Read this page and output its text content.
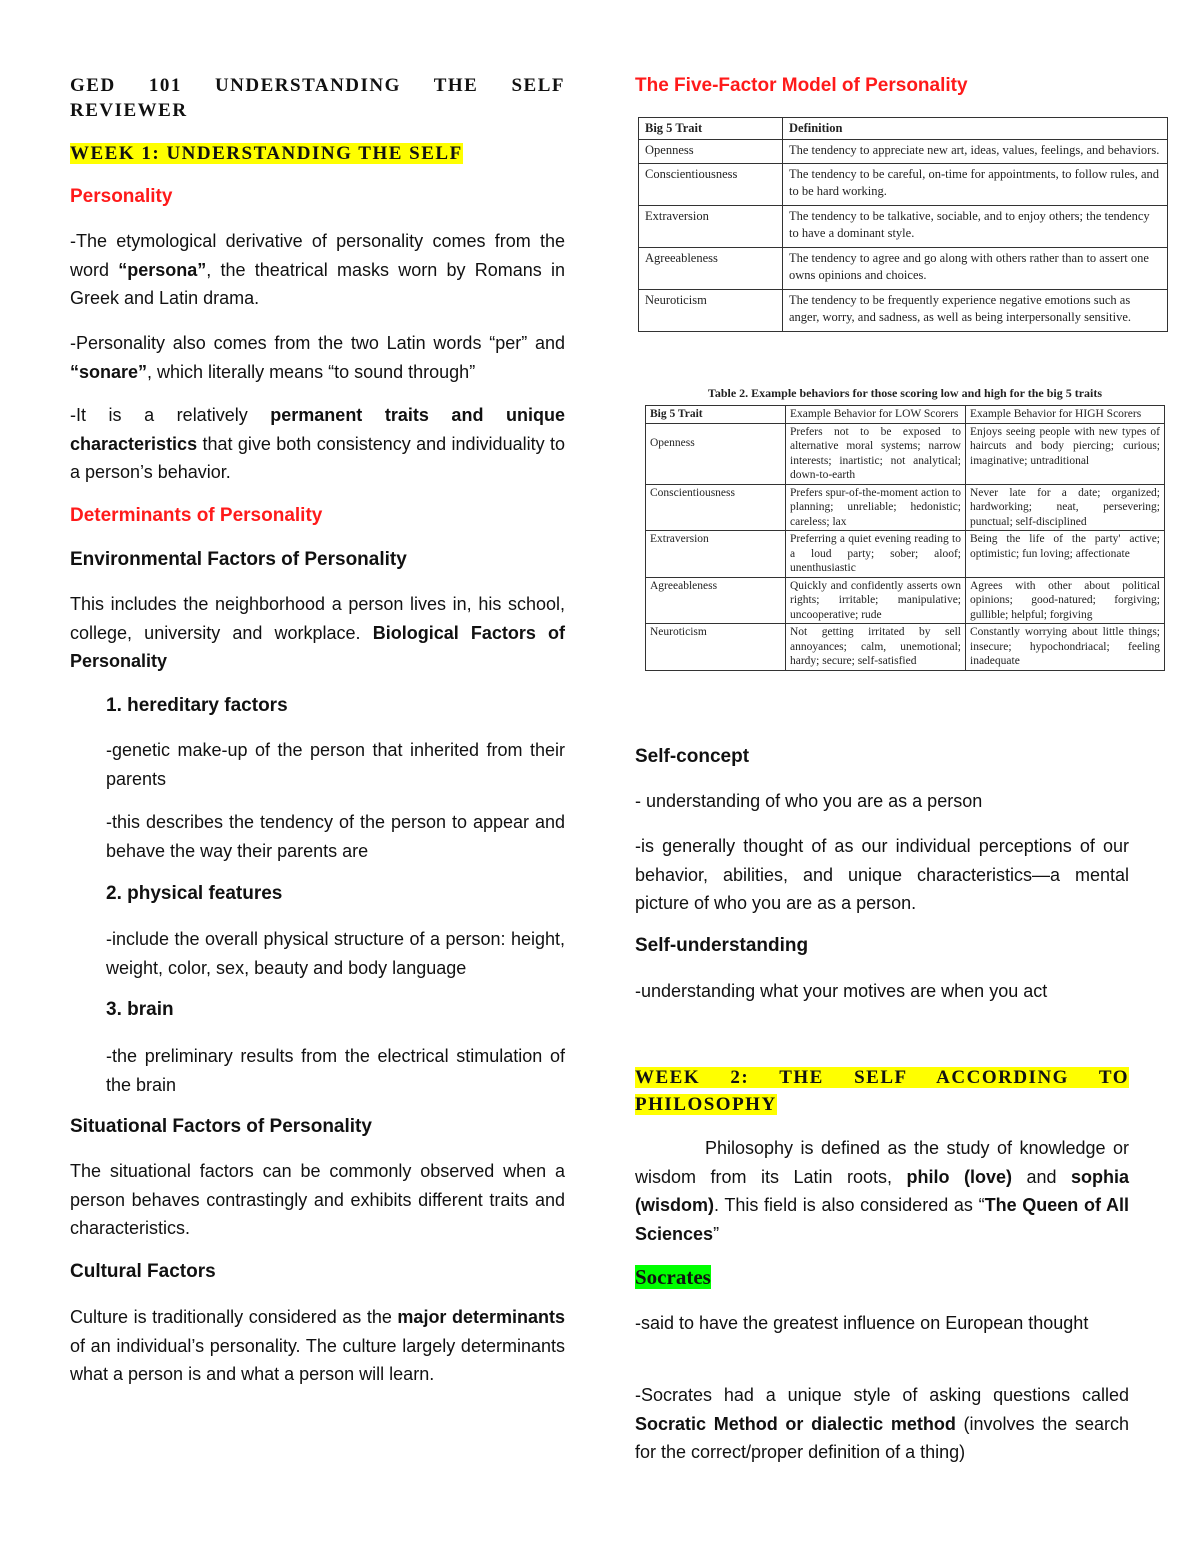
GED 101 UNDERSTANDING THE SELF

REVIEWER

WEEK 1: UNDERSTANDING THE SELF

Personality

-The etymological derivative of personality comes from the word “persona”, the theatrical masks worn by Romans in Greek and Latin drama.

-Personality also comes from the two Latin words “per” and “sonare”, which literally means “to sound through”

-It is a relatively permanent traits and unique characteristics that give both consistency and individuality to a person’s behavior.

Determinants of Personality

Environmental Factors of Personality

This includes the neighborhood a person lives in, his school, college, university and workplace. Biological Factors of Personality

1. hereditary factors

-genetic make-up of the person that inherited from their parents

-this describes the tendency of the person to appear and behave the way their parents are

2. physical features

-include the overall physical structure of a person: height, weight, color, sex, beauty and body language

3. brain

-the preliminary results from the electrical stimulation of the brain

Situational Factors of Personality

The situational factors can be commonly observed when a person behaves contrastingly and exhibits different traits and characteristics.

Cultural Factors

Culture is traditionally considered as the major determinants of an individual’s personality. The culture largely determinants what a person is and what a person will learn.

The Five-Factor Model of Personality

Big 5 Trait	Definition
Openness	The tendency to appreciate new art, ideas, values, feelings, and behaviors.
Conscientiousness	The tendency to be careful, on-time for appointments, to follow rules, and to be hard working.
Extraversion	The tendency to be talkative, sociable, and to enjoy others; the tendency to have a dominant style.
Agreeableness	The tendency to agree and go along with others rather than to assert one owns opinions and choices.
Neuroticism	The tendency to be frequently experience negative emotions such as anger, worry, and sadness, as well as being interpersonally sensitive.
Table 2. Example behaviors for those scoring low and high for the big 5 traits
Big 5 Trait	Example Behavior for LOW Scorers	Example Behavior for HIGH Scorers
Openness	Prefers not to be exposed to alternative moral systems; narrow interests; inartistic; not analytical; down-to-earth	Enjoys seeing people with new types of haircuts and body piercing; curious; imaginative; untraditional
Conscientiousness	Prefers spur-of-the-moment action to planning; unreliable; hedonistic; careless; lax	Never late for a date; organized; hardworking; neat, persevering; punctual; self-disciplined
Extraversion	Preferring a quiet evening reading to a loud party; sober; aloof; unenthusiastic	Being the life of the party' active; optimistic; fun loving; affectionate
Agreeableness	Quickly and confidently asserts own rights; irritable; manipulative; uncooperative; rude	Agrees with other about political opinions; good-natured; forgiving; gullible; helpful; forgiving
Neuroticism	Not getting irritated by sell annoyances; calm, unemotional; hardy; secure; self-satisfied	Constantly worrying about little things; insecure; hypochondriacal; feeling inadequate

Self-concept

- understanding of who you are as a person

-is generally thought of as our individual perceptions of our behavior, abilities, and unique characteristics—a mental picture of who you are as a person.

Self-understanding

-understanding what your motives are when you act

WEEK 2: THE SELF ACCORDING TO

PHILOSOPHY

Philosophy is defined as the study of knowledge or wisdom from its Latin roots, philo (love) and sophia (wisdom). This field is also considered as “The Queen of All Sciences”

Socrates

-said to have the greatest influence on European thought

-Socrates had a unique style of asking questions called Socratic Method or dialectic method (involves the search for the correct/proper definition of a thing)
